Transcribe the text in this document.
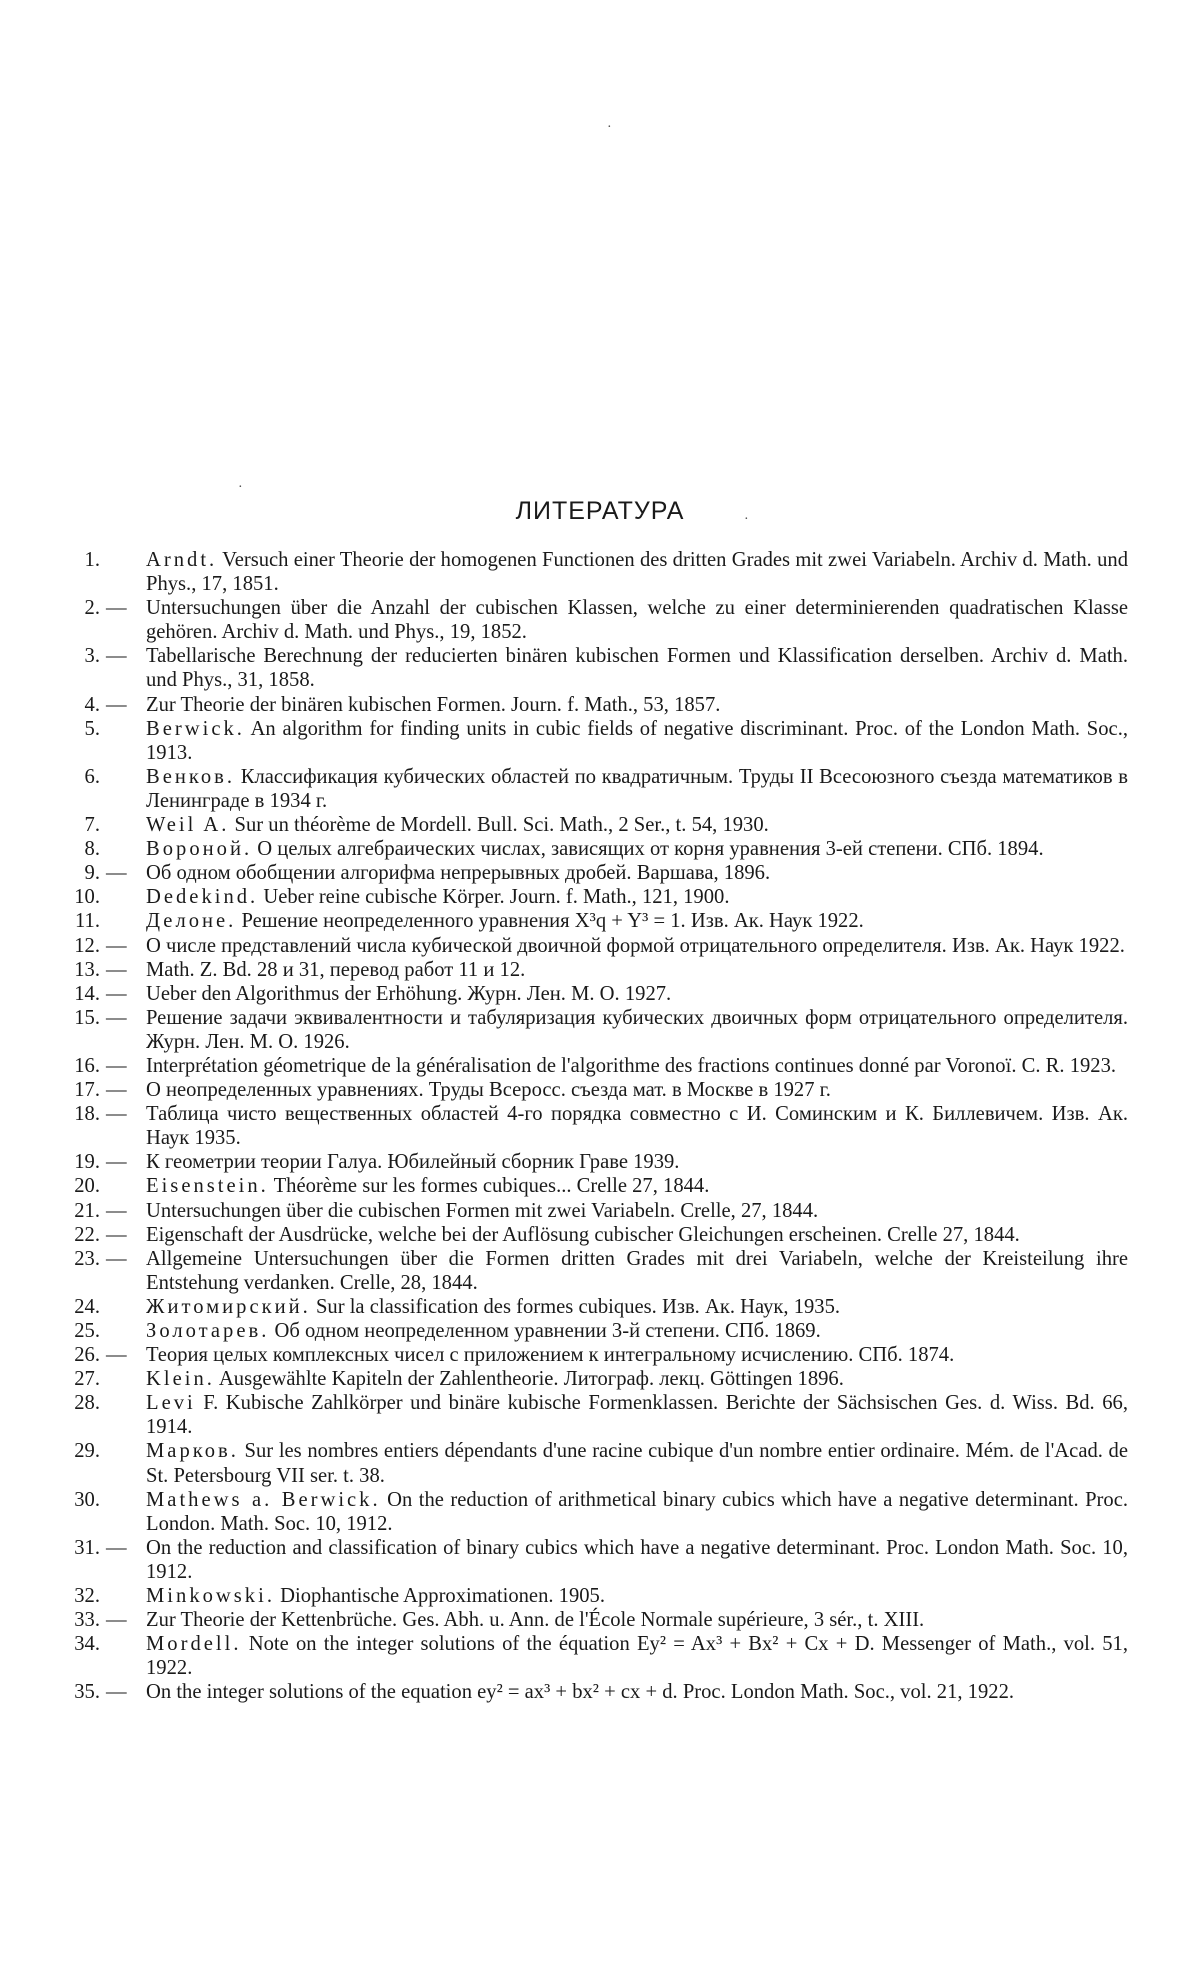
·
·
·
ЛИТЕРАТУРА
1. Arndt. Versuch einer Theorie der homogenen Functionen des dritten Grades mit zwei Variabeln. Archiv d. Math. und Phys., 17, 1851.
2. — Untersuchungen über die Anzahl der cubischen Klassen, welche zu einer determinierenden quadratischen Klasse gehören. Archiv d. Math. und Phys., 19, 1852.
3. — Tabellarische Berechnung der reducierten binären kubischen Formen und Klassification derselben. Archiv d. Math. und Phys., 31, 1858.
4. — Zur Theorie der binären kubischen Formen. Journ. f. Math., 53, 1857.
5. Berwick. An algorithm for finding units in cubic fields of negative discriminant. Proc. of the London Math. Soc., 1913.
6. Венков. Классификация кубических областей по квадратичным. Труды II Всесоюзного съезда математиков в Ленинграде в 1934 г.
7. Weil A. Sur un théorème de Mordell. Bull. Sci. Math., 2 Ser., t. 54, 1930.
8. Вороной. О целых алгебраических числах, зависящих от корня уравнения 3-ей степени. СПб. 1894.
9. — Об одном обобщении алгорифма непрерывных дробей. Варшава, 1896.
10. Dedekind. Ueber reine cubische Körper. Journ. f. Math., 121, 1900.
11. Делоне. Решение неопределенного уравнения X³q + Y³ = 1. Изв. Ак. Наук 1922.
12. — О числе представлений числа кубической двоичной формой отрицательного определителя. Изв. Ак. Наук 1922.
13. — Math. Z. Bd. 28 и 31, перевод работ 11 и 12.
14. — Ueber den Algorithmus der Erhöhung. Журн. Лен. М. О. 1927.
15. — Решение задачи эквивалентности и табуляризация кубических двоичных форм отрицательного определителя. Журн. Лен. М. О. 1926.
16. — Interprétation géometrique de la généralisation de l'algorithme des fractions continues donné par Voronoï. C. R. 1923.
17. — О неопределенных уравнениях. Труды Всеросс. съезда мат. в Москве в 1927 г.
18. — Таблица чисто вещественных областей 4-го порядка совместно с И. Соминским и К. Биллевичем. Изв. Ак. Наук 1935.
19. — К геометрии теории Галуа. Юбилейный сборник Граве 1939.
20. Eisenstein. Théorème sur les formes cubiques... Crelle 27, 1844.
21. — Untersuchungen über die cubischen Formen mit zwei Variabeln. Crelle, 27, 1844.
22. — Eigenschaft der Ausdrücke, welche bei der Auflösung cubischer Gleichungen erscheinen. Crelle 27, 1844.
23. — Allgemeine Untersuchungen über die Formen dritten Grades mit drei Variabeln, welche der Kreisteilung ihre Entstehung verdanken. Crelle, 28, 1844.
24. Житомирский. Sur la classification des formes cubiques. Изв. Ак. Наук, 1935.
25. Золотарев. Об одном неопределенном уравнении 3-й степени. СПб. 1869.
26. — Теория целых комплексных чисел с приложением к интегральному исчислению. СПб. 1874.
27. Klein. Ausgewählte Kapiteln der Zahlentheorie. Литограф. лекц. Göttingen 1896.
28. Levi F. Kubische Zahlkörper und binäre kubische Formenklassen. Berichte der Sächsischen Ges. d. Wiss. Bd. 66, 1914.
29. Марков. Sur les nombres entiers dépendants d'une racine cubique d'un nombre entier ordinaire. Mém. de l'Acad. de St. Petersbourg VII ser. t. 38.
30. Mathews a. Berwick. On the reduction of arithmetical binary cubics which have a negative determinant. Proc. London. Math. Soc. 10, 1912.
31. — On the reduction and classification of binary cubics which have a negative determinant. Proc. London Math. Soc. 10, 1912.
32. Minkowski. Diophantische Approximationen. 1905.
33. — Zur Theorie der Kettenbrüche. Ges. Abh. u. Ann. de l'École Normale supérieure, 3 sér., t. XIII.
34. Mordell. Note on the integer solutions of the équation Ey² = Ax³ + Bx² + Cx + D. Messenger of Math., vol. 51, 1922.
35. — On the integer solutions of the equation ey² = ax³ + bx² + cx + d. Proc. London Math. Soc., vol. 21, 1922.
